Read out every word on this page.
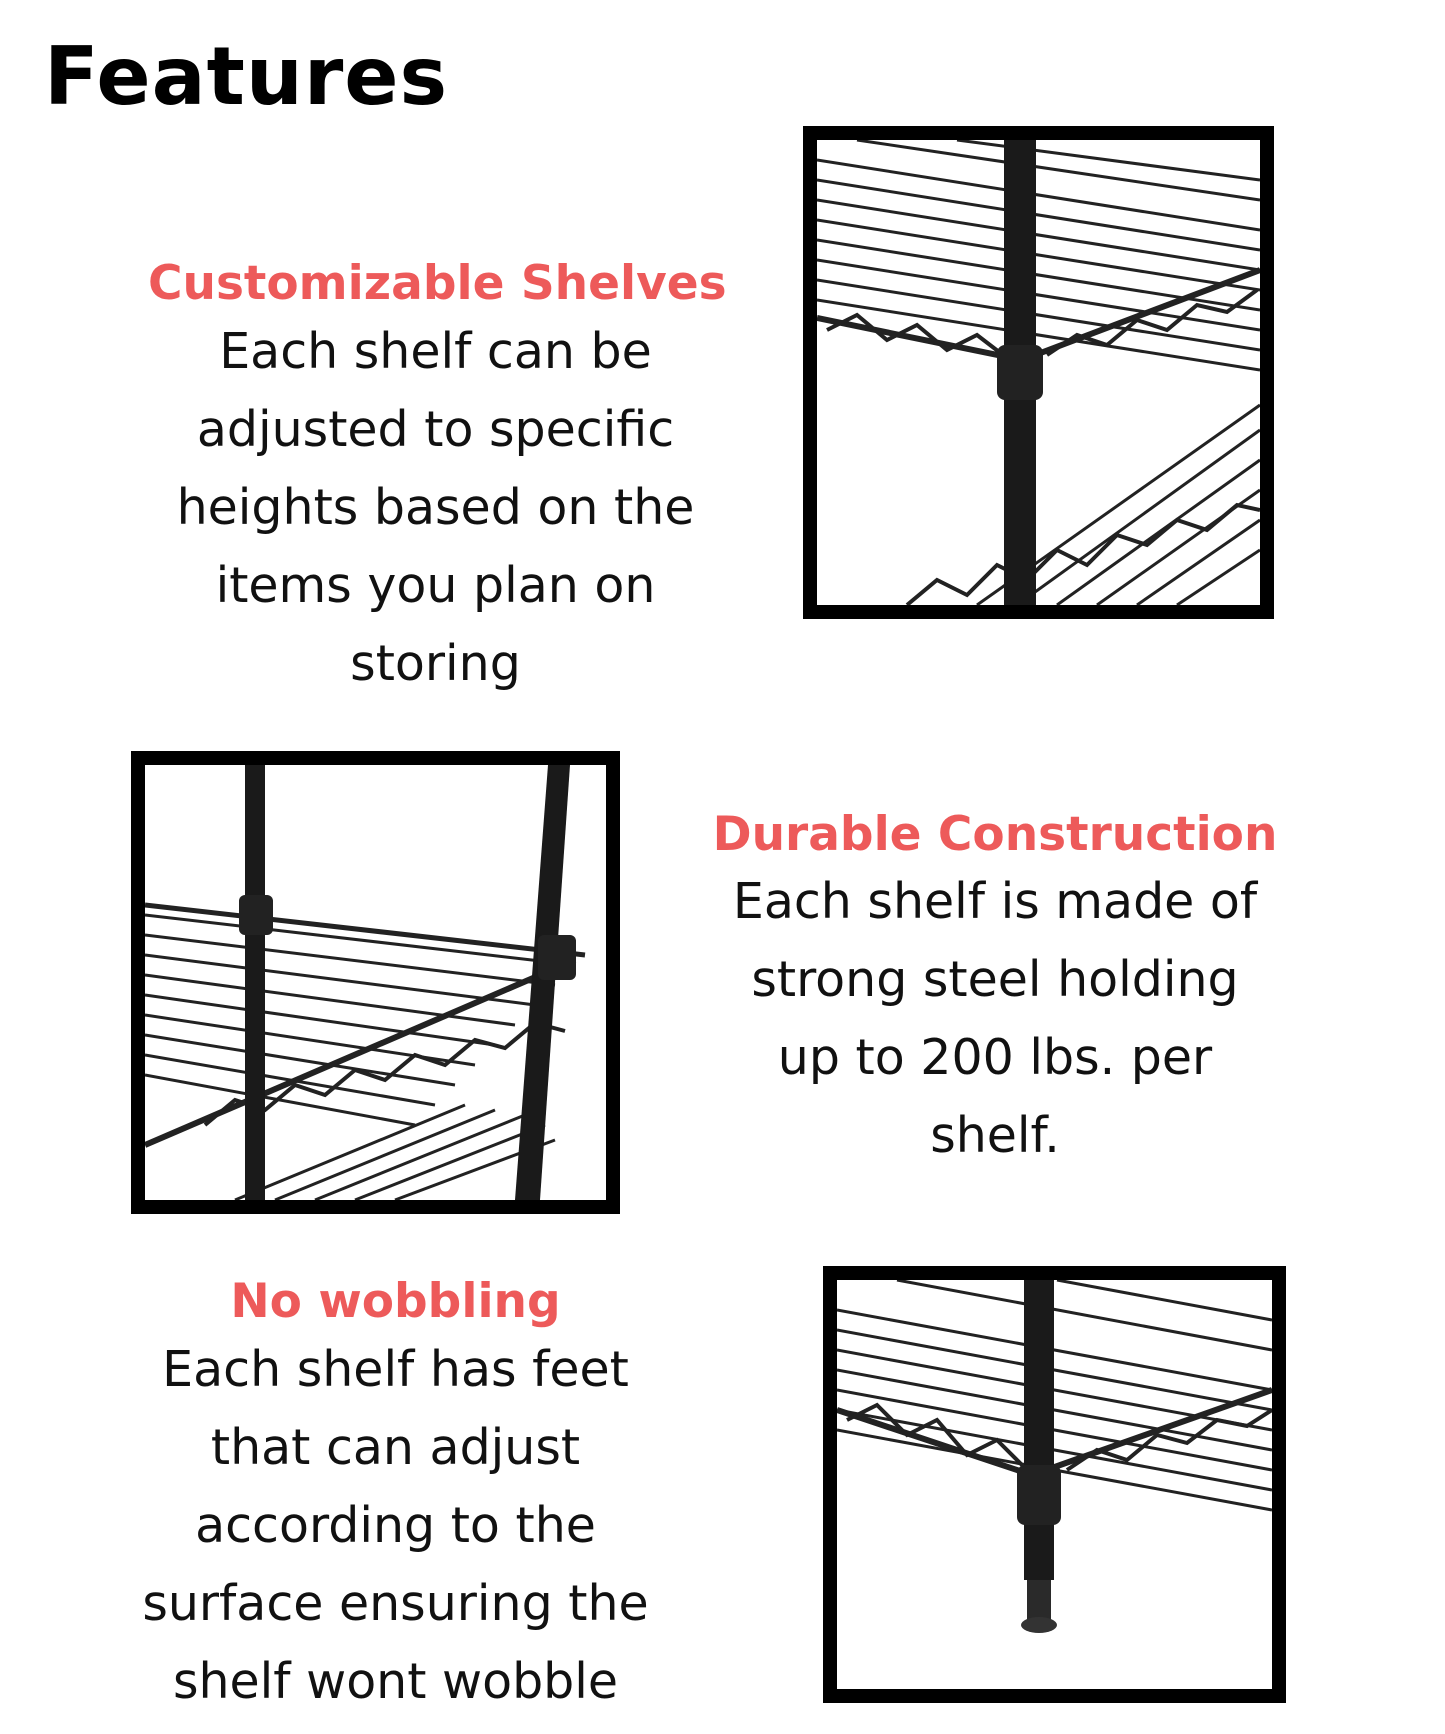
Features
Customizable Shelves

Each shelf can be
adjusted to specific
heights based on the
items you plan on
storing

Durable Construction

Each shelf is made of
strong steel holding
up to 200 lbs. per
shelf.

No wobbling

Each shelf has feet
that can adjust
according to the
surface ensuring the
shelf wont wobble
